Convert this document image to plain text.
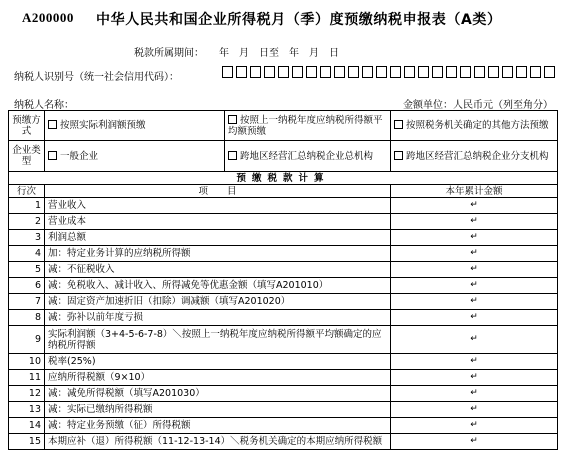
A200000 中华人民共和国企业所得税月（季）度预缴纳税申报表（A类）
税款所属期间：　　年　月　日至　年　月　日
纳税人识别号（统一社会信用代码）：
纳税人名称：	金额单位：人民币元（列至角分）
预缴方式	按照实际利润额预缴	按照上一纳税年度应纳税所得额平均额预缴	按照税务机关确定的其他方法预缴
企业类型	一般企业	跨地区经营汇总纳税企业总机构	跨地区经营汇总纳税企业分支机构
预缴税款计算			
行次	项　　目		本年累计金额
1	营业收入		↵
2	营业成本		↵
3	利润总额		↵
4	加：特定业务计算的应纳税所得额		↵
5	减：不征税收入		↵
6	减：免税收入、减计收入、所得减免等优惠金额（填写A201010）		↵
7	减：固定资产加速折旧（扣除）调减额（填写A201020）		↵
8	减：弥补以前年度亏损		↵
9	实际利润额（3+4-5-6-7-8）＼按照上一纳税年度应纳税所得额平均额确定的应纳税所得额		↵
10	税率(25%)		↵
11	应纳所得税额（9×10）		↵
12	减：减免所得税额（填写A201030）		↵
13	减：实际已缴纳所得税额		↵
14	减：特定业务预缴（征）所得税额		↵
15	本期应补（退）所得税额（11-12-13-14）＼税务机关确定的本期应纳所得税额		↵
